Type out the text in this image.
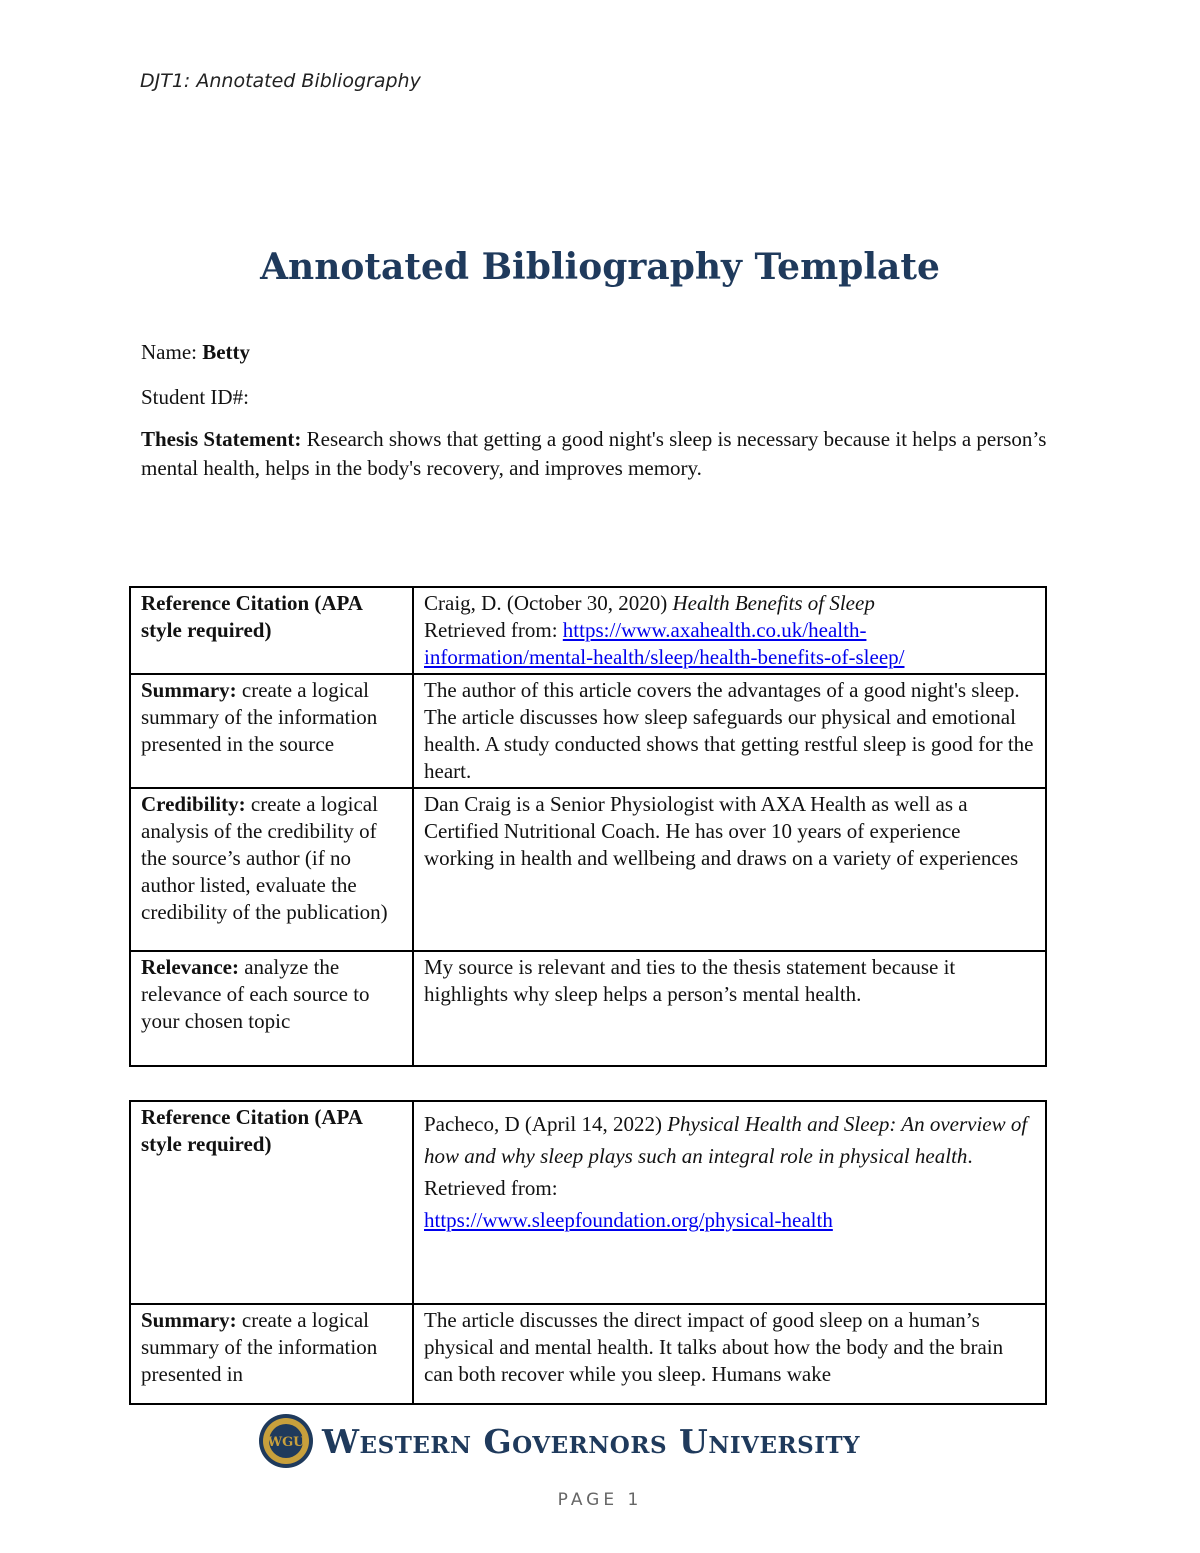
DJT1: Annotated Bibliography
Annotated Bibliography Template
Name: Betty
Student ID#:
Thesis Statement: Research shows that getting a good night's sleep is necessary because it helps a person’s mental health, helps in the body's recovery, and improves memory.
Reference Citation (APA style required)	Craig, D. (October 30, 2020) Health Benefits of Sleep
Retrieved from: https://www.axahealth.co.uk/health-information/mental-health/sleep/health-benefits-of-sleep/
Summary: create a logical summary of the information presented in the source	The author of this article covers the advantages of a good night's sleep. The article discusses how sleep safeguards our physical and emotional health. A study conducted shows that getting restful sleep is good for the heart.
Credibility: create a logical analysis of the credibility of the source’s author (if no author listed, evaluate the credibility of the publication)	Dan Craig is a Senior Physiologist with AXA Health as well as a Certified Nutritional Coach. He has over 10 years of experience working in health and wellbeing and draws on a variety of experiences
Relevance: analyze the relevance of each source to your chosen topic	My source is relevant and ties to the thesis statement because it highlights why sleep helps a person’s mental health.
Reference Citation (APA style required)	Pacheco, D (April 14, 2022) Physical Health and Sleep: An overview of how and why sleep plays such an integral role in physical health. Retrieved from:
https://www.sleepfoundation.org/physical-health
Summary: create a logical summary of the information presented in	The article discusses the direct impact of good sleep on a human’s physical and mental health. It talks about how the body and the brain can both recover while you sleep. Humans wake
WGU Western Governors University
PAGE 1
